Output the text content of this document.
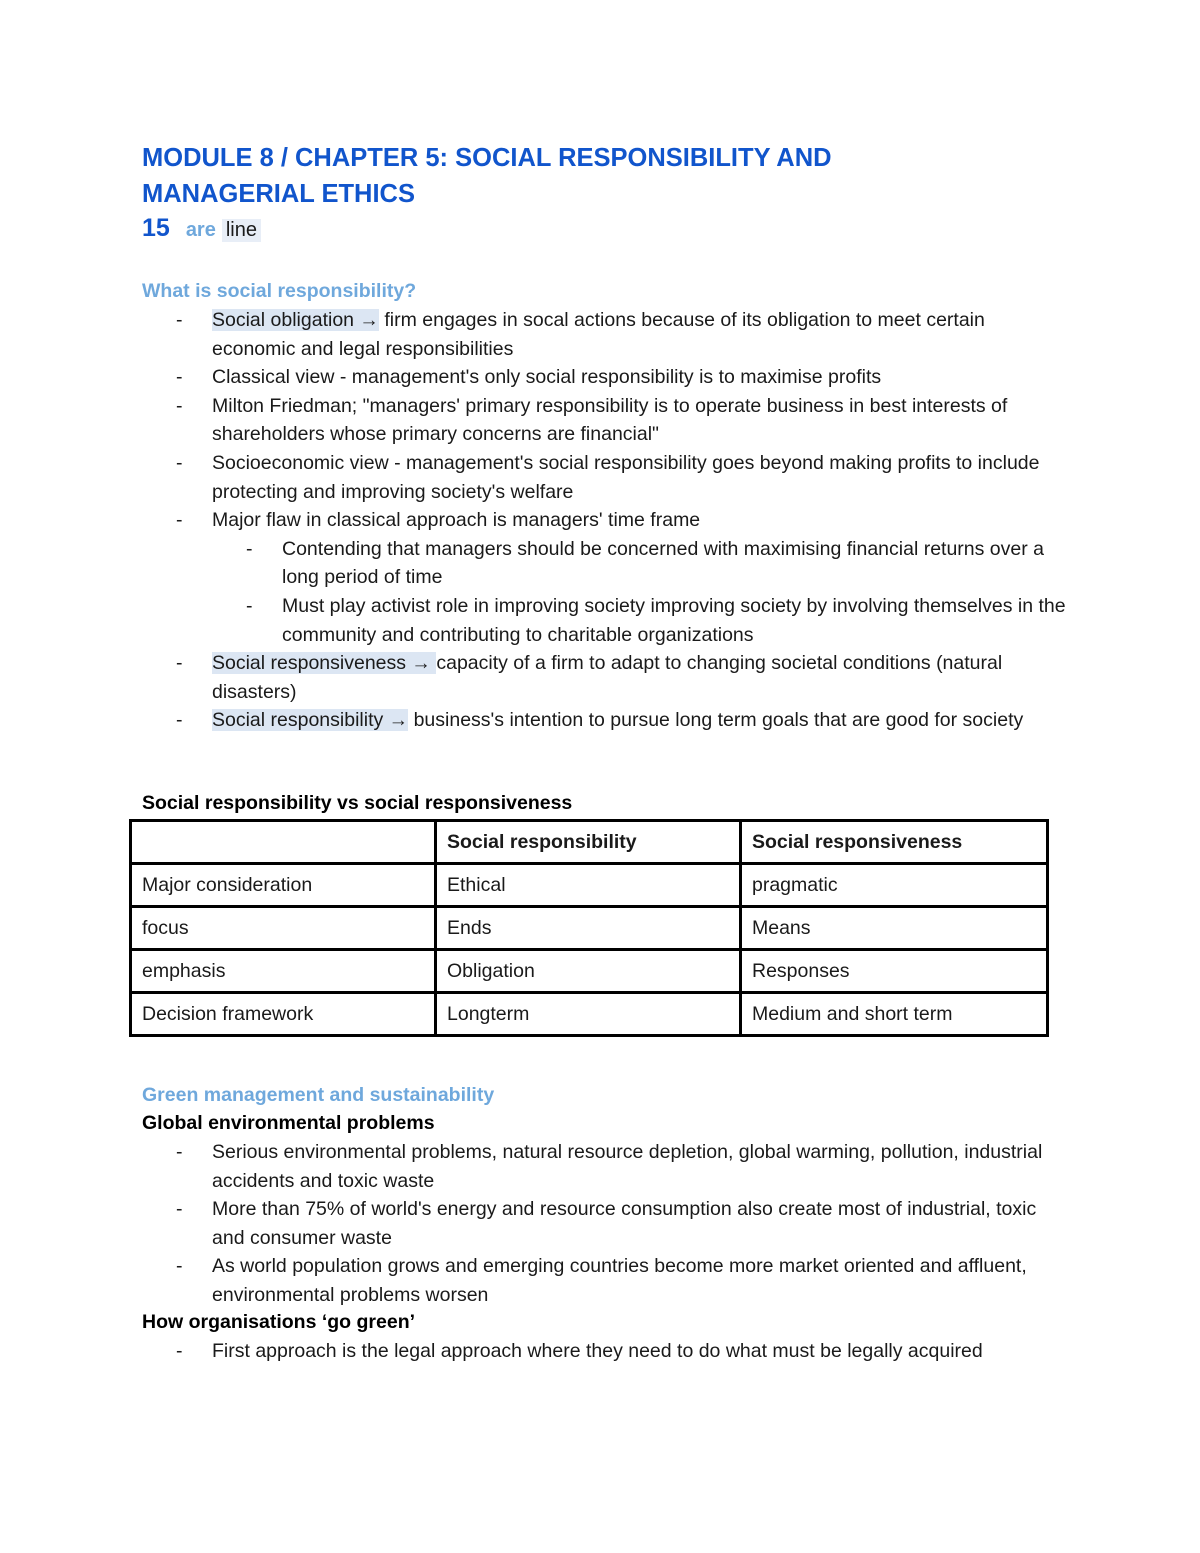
MODULE 8 / CHAPTER 5: SOCIAL RESPONSIBILITY AND
MANAGERIAL ETHICS
15 are line
What is social responsibility?
- Social obligation → firm engages in socal actions because of its obligation to meet certain economic and legal responsibilities
- Classical view - management's only social responsibility is to maximise profits
- Milton Friedman; "managers' primary responsibility is to operate business in best interests of shareholders whose primary concerns are financial"
- Socioeconomic view - management's social responsibility goes beyond making profits to include protecting and improving society's welfare
- Major flaw in classical approach is managers' time frame
- Contending that managers should be concerned with maximising financial returns over a long period of time
- Must play activist role in improving society improving society by involving themselves in the community and contributing to charitable organizations
- Social responsiveness → capacity of a firm to adapt to changing societal conditions (natural disasters)
- Social responsibility → business's intention to pursue long term goals that are good for society
Social responsibility vs social responsiveness
	Social responsibility	Social responsiveness
Major consideration	Ethical	pragmatic
focus	Ends	Means
emphasis	Obligation	Responses
Decision framework	Longterm	Medium and short term
Green management and sustainability
Global environmental problems
- Serious environmental problems, natural resource depletion, global warming, pollution, industrial accidents and toxic waste
- More than 75% of world's energy and resource consumption also create most of industrial, toxic and consumer waste
- As world population grows and emerging countries become more market oriented and affluent, environmental problems worsen
How organisations ‘go green’
- First approach is the legal approach where they need to do what must be legally acquired
